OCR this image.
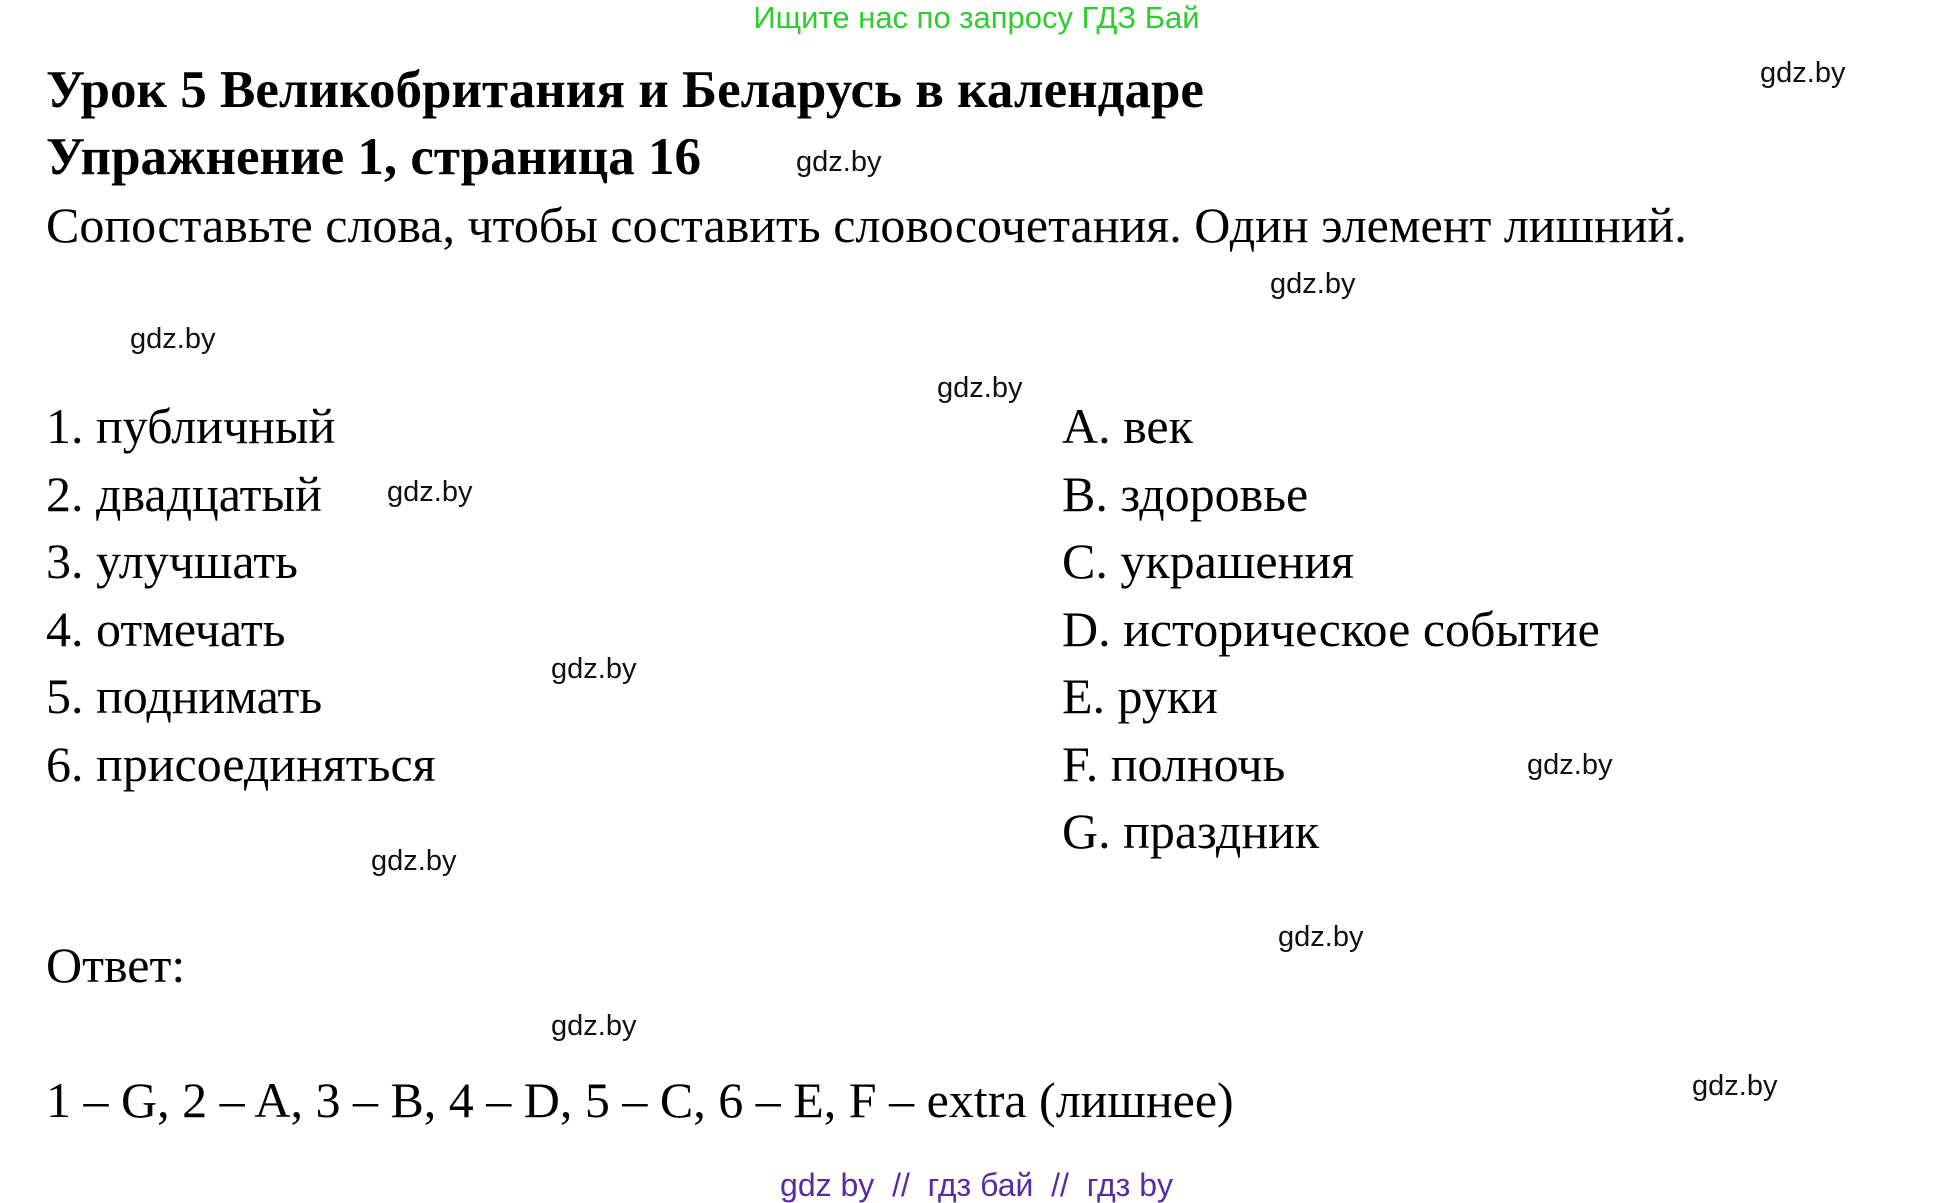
Ищите нас по запросу ГДЗ Бай
Урок 5 Великобритания и Беларусь в календаре
Упражнение 1, страница 16
Сопоставьте слова, чтобы составить словосочетания. Один элемент лишний.
1. публичный
2. двадцатый
3. улучшать
4. отмечать
5. поднимать
6. присоединяться
A. век
B. здоровье
C. украшения
D. историческое событие
E. руки
F. полночь
G. праздник
Ответ:
1 – G, 2 – A, 3 – B, 4 – D, 5 – C, 6 – E, F – extra (лишнее)
gdz.by
gdz.by
gdz.by
gdz.by
gdz.by
gdz.by
gdz.by
gdz.by
gdz.by
gdz.by
gdz.by
gdz.by
gdz by  //  гдз бай  //  гдз by
